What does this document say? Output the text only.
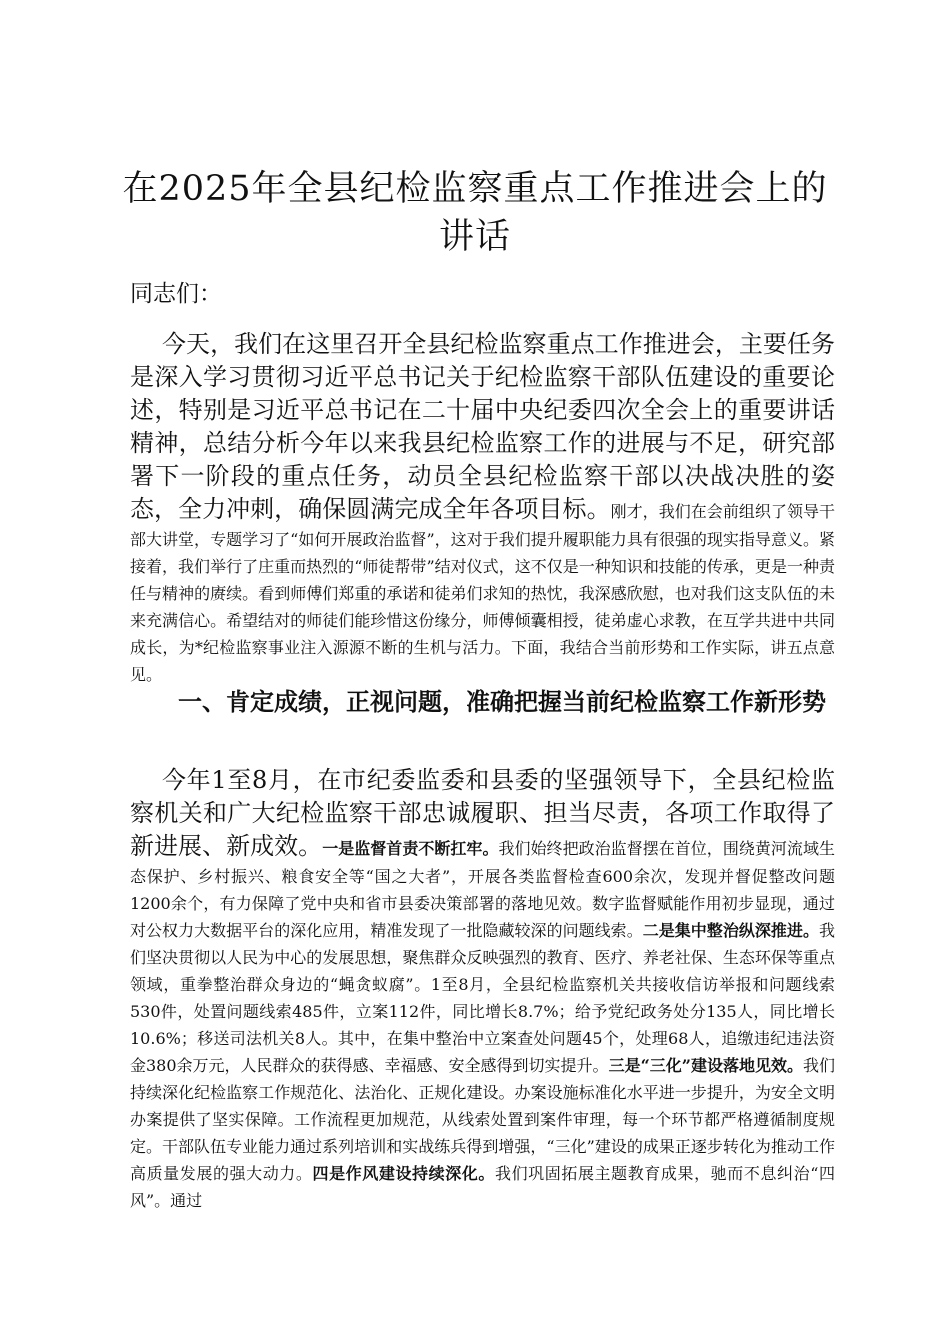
在2025年全县纪检监察重点工作推进会上的
讲话
同志们：
今天，我们在这里召开全县纪检监察重点工作推进会，主要任务是深入学习贯彻习近平总书记关于纪检监察干部队伍建设的重要论述，特别是习近平总书记在二十届中央纪委四次全会上的重要讲话精神，总结分析今年以来我县纪检监察工作的进展与不足，研究部署下一阶段的重点任务，动员全县纪检监察干部以决战决胜的姿态，全力冲刺，确保圆满完成全年各项目标。刚才，我们在会前组织了领导干部大讲堂，专题学习了“如何开展政治监督”，这对于我们提升履职能力具有很强的现实指导意义。紧接着，我们举行了庄重而热烈的“师徒帮带”结对仪式，这不仅是一种知识和技能的传承，更是一种责任与精神的赓续。看到师傅们郑重的承诺和徒弟们求知的热忱，我深感欣慰，也对我们这支队伍的未来充满信心。希望结对的师徒们能珍惜这份缘分，师傅倾囊相授，徒弟虚心求教，在互学共进中共同成长，为*纪检监察事业注入源源不断的生机与活力。下面，我结合当前形势和工作实际，讲五点意见。
一、肯定成绩，正视问题，准确把握当前纪检监察工作新形势
今年1至8月，在市纪委监委和县委的坚强领导下，全县纪检监察机关和广大纪检监察干部忠诚履职、担当尽责，各项工作取得了新进展、新成效。一是监督首责不断扛牢。我们始终把政治监督摆在首位，围绕黄河流域生态保护、乡村振兴、粮食安全等“国之大者”，开展各类监督检查600余次，发现并督促整改问题1200余个，有力保障了党中央和省市县委决策部署的落地见效。数字监督赋能作用初步显现，通过对公权力大数据平台的深化应用，精准发现了一批隐藏较深的问题线索。二是集中整治纵深推进。我们坚决贯彻以人民为中心的发展思想，聚焦群众反映强烈的教育、医疗、养老社保、生态环保等重点领域，重拳整治群众身边的“蝇贪蚁腐”。1至8月，全县纪检监察机关共接收信访举报和问题线索530件，处置问题线索485件，立案112件，同比增长8.7%；给予党纪政务处分135人，同比增长10.6%；移送司法机关8人。其中，在集中整治中立案查处问题45个，处理68人，追缴违纪违法资金380余万元，人民群众的获得感、幸福感、安全感得到切实提升。三是“三化”建设落地见效。我们持续深化纪检监察工作规范化、法治化、正规化建设。办案设施标准化水平进一步提升，为安全文明办案提供了坚实保障。工作流程更加规范，从线索处置到案件审理，每一个环节都严格遵循制度规定。干部队伍专业能力通过系列培训和实战练兵得到增强，“三化”建设的成果正逐步转化为推动工作高质量发展的强大动力。四是作风建设持续深化。我们巩固拓展主题教育成果，驰而不息纠治“四风”。通过
